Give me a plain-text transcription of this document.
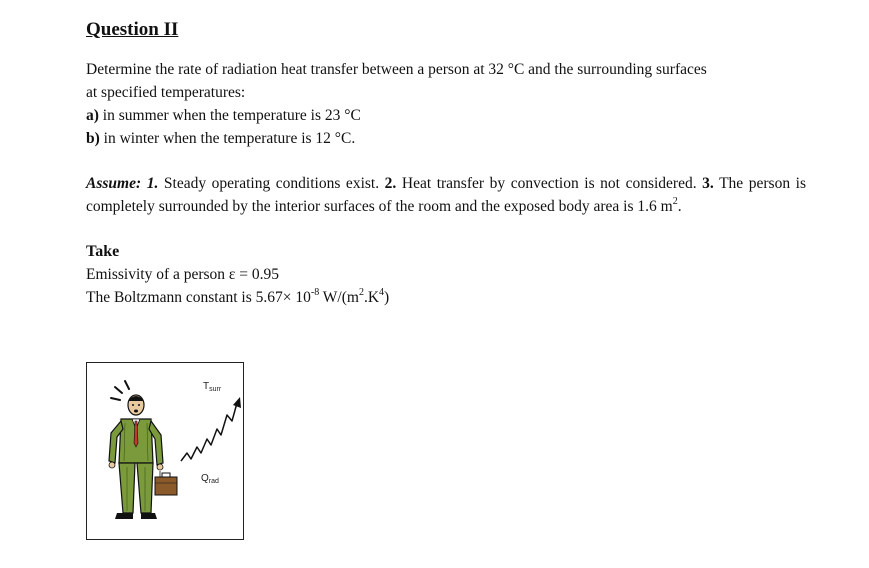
Question II

Determine the rate of radiation heat transfer between a person at 32 °C and the surrounding surfaces

at specified temperatures:

a) in summer when the temperature is 23 °C

b) in winter when the temperature is 12 °C.

Assume: 1. Steady operating conditions exist. 2. Heat transfer by convection is not considered. 3. The person is completely surrounded by the interior surfaces of the room and the exposed body area is 1.6 $m^2$.

Take

Emissivity of a person ε = 0.95

The Boltzmann constant is $5.67\times 10^{-8}$ $W/(m^2.K^4)$

$T_{surr}$
$Q_{rad}$
